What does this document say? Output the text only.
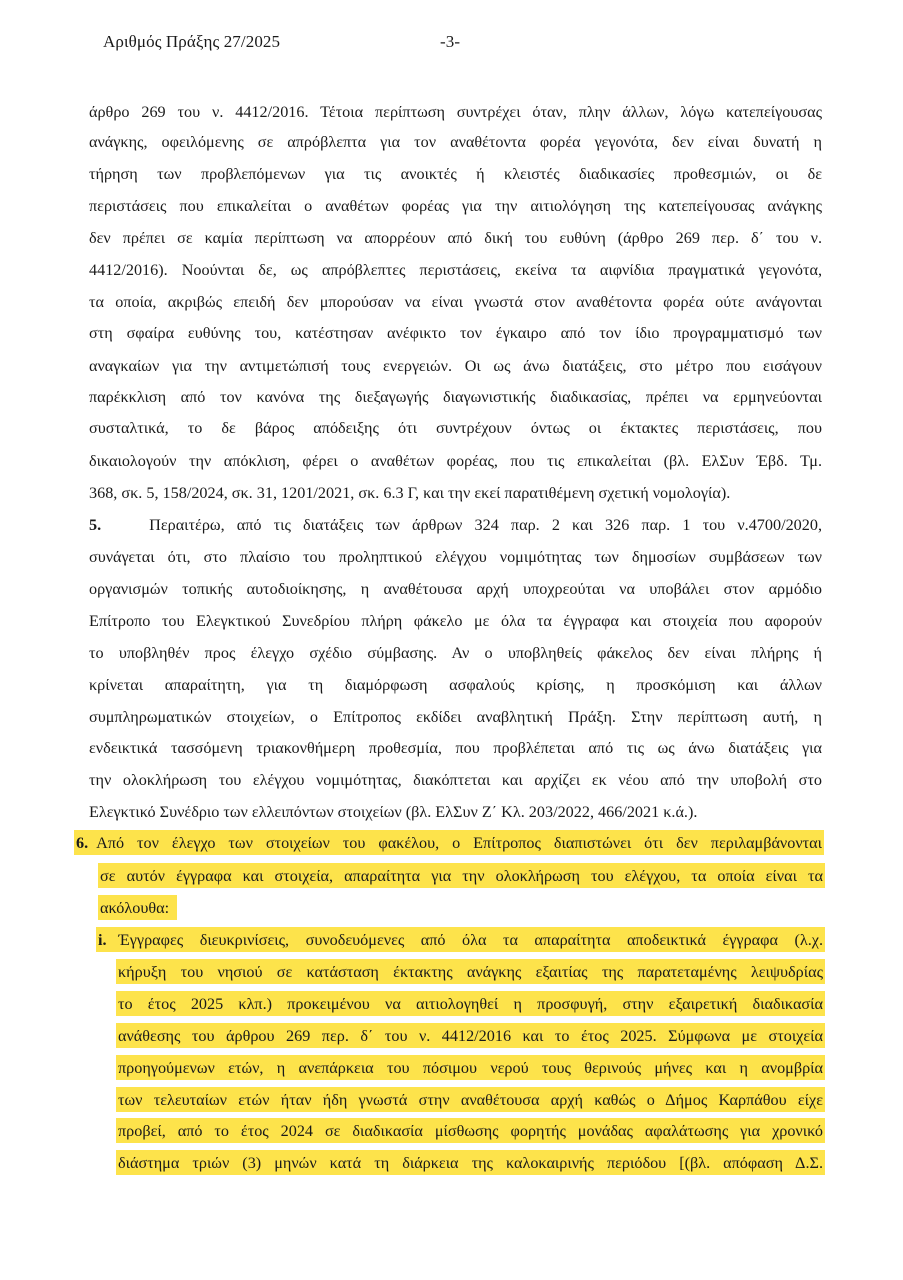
Αριθμός Πράξης 27/2025	-3-
άρθρο 269 του ν. 4412/2016. Τέτοια περίπτωση συντρέχει όταν, πλην άλλων, λόγω κατεπείγουσας
ανάγκης, οφειλόμενης σε απρόβλεπτα για τον αναθέτοντα φορέα γεγονότα, δεν είναι δυνατή η
τήρηση των προβλεπόμενων για τις ανοικτές ή κλειστές διαδικασίες προθεσμιών, οι δε
περιστάσεις που επικαλείται ο αναθέτων φορέας για την αιτιολόγηση της κατεπείγουσας ανάγκης
δεν πρέπει σε καμία περίπτωση να απορρέουν από δική του ευθύνη (άρθρο 269 περ. δ΄ του ν.
4412/2016). Νοούνται δε, ως απρόβλεπτες περιστάσεις, εκείνα τα αιφνίδια πραγματικά γεγονότα,
τα οποία, ακριβώς επειδή δεν μπορούσαν να είναι γνωστά στον αναθέτοντα φορέα ούτε ανάγονται
στη σφαίρα ευθύνης του, κατέστησαν ανέφικτο τον έγκαιρο από τον ίδιο προγραμματισμό των
αναγκαίων για την αντιμετώπισή τους ενεργειών. Οι ως άνω διατάξεις, στο μέτρο που εισάγουν
παρέκκλιση από τον κανόνα της διεξαγωγής διαγωνιστικής διαδικασίας, πρέπει να ερμηνεύονται
συσταλτικά, το δε βάρος απόδειξης ότι συντρέχουν όντως οι έκτακτες περιστάσεις, που
δικαιολογούν την απόκλιση, φέρει ο αναθέτων φορέας, που τις επικαλείται (βλ. ΕλΣυν Έβδ. Τμ.
368, σκ. 5, 158/2024, σκ. 31, 1201/2021, σκ. 6.3 Γ, και την εκεί παρατιθέμενη σχετική νομολογία).
5.	Περαιτέρω, από τις διατάξεις των άρθρων 324 παρ. 2 και 326 παρ. 1 του ν.4700/2020,
συνάγεται ότι, στο πλαίσιο του προληπτικού ελέγχου νομιμότητας των δημοσίων συμβάσεων των
οργανισμών τοπικής αυτοδιοίκησης, η αναθέτουσα αρχή υποχρεούται να υποβάλει στον αρμόδιο
Επίτροπο του Ελεγκτικού Συνεδρίου πλήρη φάκελο με όλα τα έγγραφα και στοιχεία που αφορούν
το υποβληθέν προς έλεγχο σχέδιο σύμβασης. Αν ο υποβληθείς φάκελος δεν είναι πλήρης ή
κρίνεται απαραίτητη, για τη διαμόρφωση ασφαλούς κρίσης, η προσκόμιση και άλλων
συμπληρωματικών στοιχείων, ο Επίτροπος εκδίδει αναβλητική Πράξη. Στην περίπτωση αυτή, η
ενδεικτικά τασσόμενη τριακονθήμερη προθεσμία, που προβλέπεται από τις ως άνω διατάξεις για
την ολοκλήρωση του ελέγχου νομιμότητας, διακόπτεται και αρχίζει εκ νέου από την υποβολή στο
Ελεγκτικό Συνέδριο των ελλειπόντων στοιχείων (βλ. ΕλΣυν Ζ΄ Κλ. 203/2022, 466/2021 κ.ά.).
6. Από τον έλεγχο των στοιχείων του φακέλου, ο Επίτροπος διαπιστώνει ότι δεν περιλαμβάνονται
σε αυτόν έγγραφα και στοιχεία, απαραίτητα για την ολοκλήρωση του ελέγχου, τα οποία είναι τα
ακόλουθα:
i. Έγγραφες διευκρινίσεις, συνοδευόμενες από όλα τα απαραίτητα αποδεικτικά έγγραφα (λ.χ.
κήρυξη του νησιού σε κατάσταση έκτακτης ανάγκης εξαιτίας της παρατεταμένης λειψυδρίας
το έτος 2025 κλπ.) προκειμένου να αιτιολογηθεί η προσφυγή, στην εξαιρετική διαδικασία
ανάθεσης του άρθρου 269 περ. δ΄ του ν. 4412/2016 και το έτος 2025. Σύμφωνα με στοιχεία
προηγούμενων ετών, η ανεπάρκεια του πόσιμου νερού τους θερινούς μήνες και η ανομβρία
των τελευταίων ετών ήταν ήδη γνωστά στην αναθέτουσα αρχή καθώς ο Δήμος Καρπάθου είχε
προβεί, από το έτος 2024 σε διαδικασία μίσθωσης φορητής μονάδας αφαλάτωσης για χρονικό
διάστημα τριών (3) μηνών κατά τη διάρκεια της καλοκαιρινής περιόδου [(βλ. απόφαση Δ.Σ.
